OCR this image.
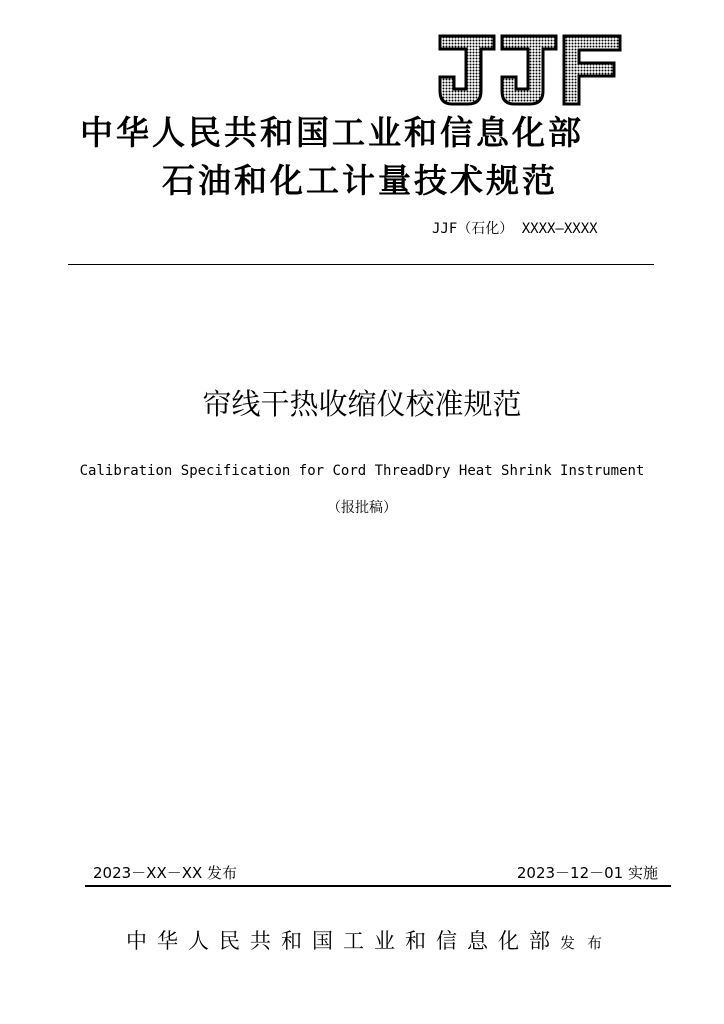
中华人民共和国工业和信息化部
石油和化工计量技术规范
JJF（石化） XXXX—XXXX
帘线干热收缩仪校准规范
Calibration Specification for Cord ThreadDry Heat Shrink Instrument
（报批稿）
2023－XX－XX 发布	2023－12－01 实施
中华人民共和国工业和信息化部发布
